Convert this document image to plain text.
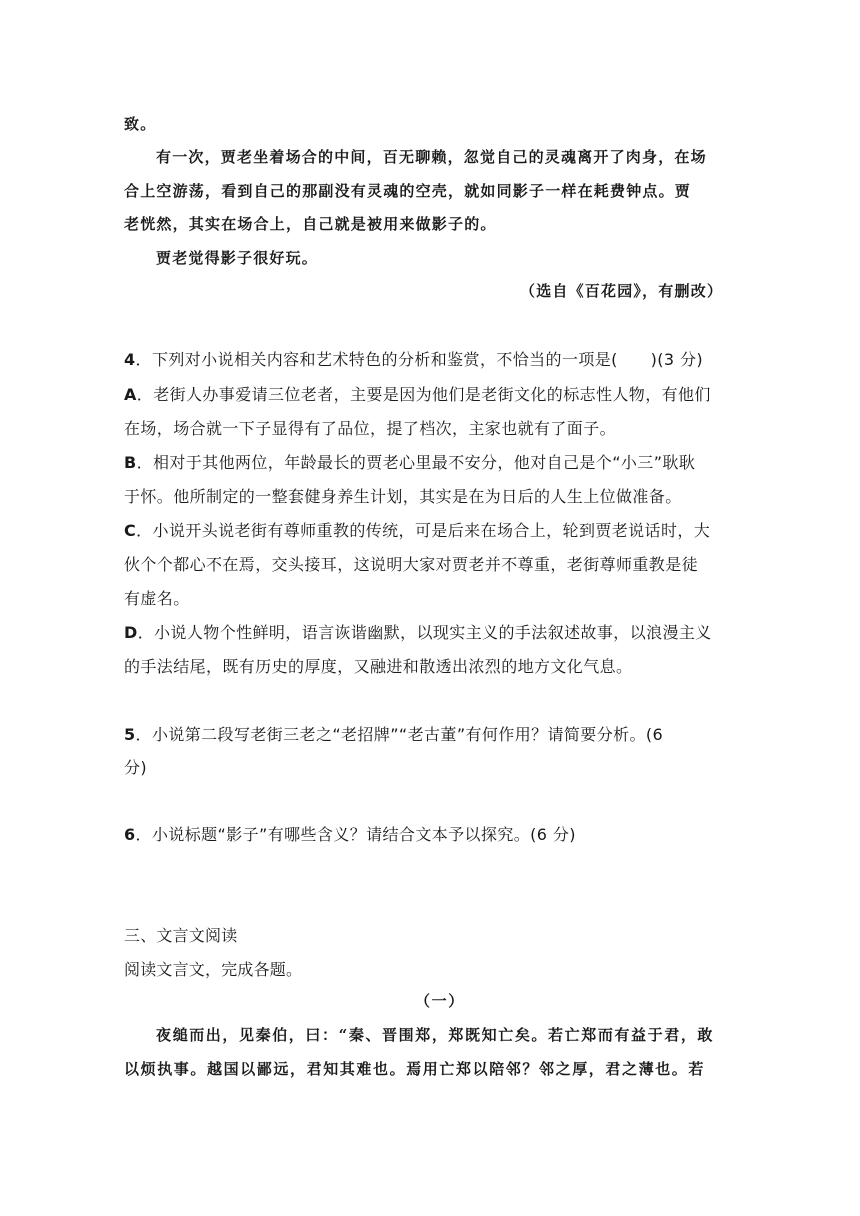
致。
有一次，贾老坐着场合的中间，百无聊赖，忽觉自己的灵魂离开了肉身，在场
合上空游荡，看到自己的那副没有灵魂的空壳，就如同影子一样在耗费钟点。贾
老恍然，其实在场合上，自己就是被用来做影子的。
贾老觉得影子很好玩。
（选自《百花园》，有删改）
4．下列对小说相关内容和艺术特色的分析和鉴赏，不恰当的一项是(　　)(3 分)
A．老街人办事爱请三位老者，主要是因为他们是老街文化的标志性人物，有他们
在场，场合就一下子显得有了品位，提了档次，主家也就有了面子。
B．相对于其他两位，年龄最长的贾老心里最不安分，他对自己是个“小三”耿耿
于怀。他所制定的一整套健身养生计划，其实是在为日后的人生上位做准备。
C．小说开头说老街有尊师重教的传统，可是后来在场合上，轮到贾老说话时，大
伙个个都心不在焉，交头接耳，这说明大家对贾老并不尊重，老街尊师重教是徒
有虚名。
D．小说人物个性鲜明，语言诙谐幽默，以现实主义的手法叙述故事，以浪漫主义
的手法结尾，既有历史的厚度，又融进和散透出浓烈的地方文化气息。
5．小说第二段写老街三老之“老招牌”“老古董”有何作用？请简要分析。(6
分)
6．小说标题“影子”有哪些含义？请结合文本予以探究。(6 分)
三、文言文阅读
阅读文言文，完成各题。
（一）
夜缒而出，见秦伯，曰：“秦、晋围郑，郑既知亡矣。若亡郑而有益于君，敢
以烦执事。越国以鄙远，君知其难也。焉用亡郑以陪邻？邻之厚，君之薄也。若
